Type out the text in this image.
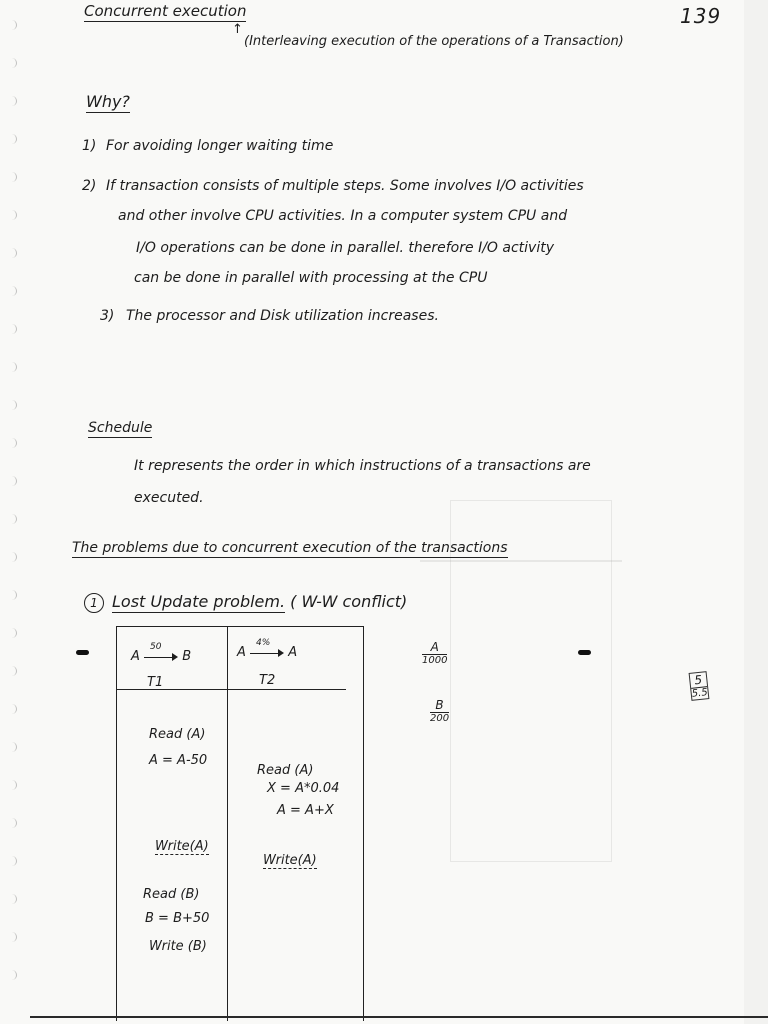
Concurrent execution	139
↑
(Interleaving execution of the operations of a Transaction)
Why?
1) For avoiding longer waiting time
2) If transaction consists of multiple steps. Some involves I/O activities
and other involve CPU activities. In a computer system CPU and
I/O operations can be done in parallel. therefore I/O activity
can be done in parallel with processing at the CPU
3) The processor and Disk utilization increases.
Schedule
It represents the order in which instructions of a transactions are
executed.
The problems due to concurrent execution of the transactions
1 Lost Update problem. ( W-W conflict)
A
50
B
T1
A
4%
A
T2
Read (A)
A = A-50
Read (A)
X = A*0.04
A = A+X
Write(A)
Write(A)
Read (B)
B = B+50
Write (B)
A
1000
B
200
5
5.5
